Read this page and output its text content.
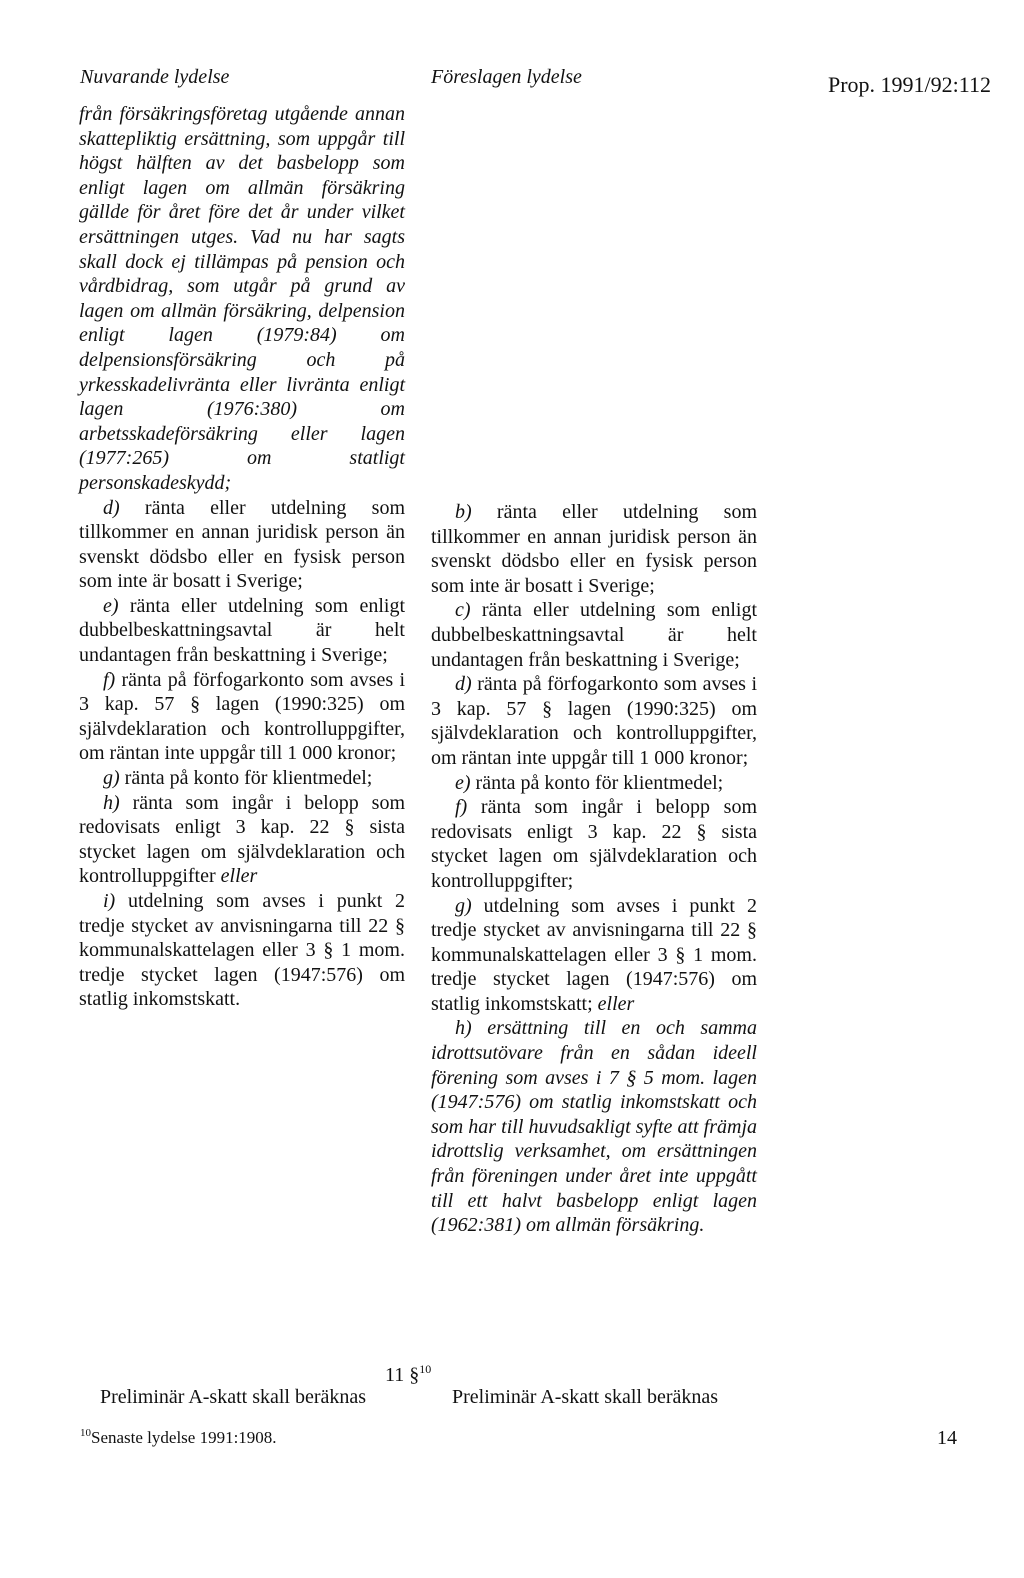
Nuvarande lydelse	Föreslagen lydelse	Prop. 1991/92:112

från försäkringsföretag utgående annan skattepliktig ersättning, som uppgår till högst hälften av det basbelopp som enligt lagen om allmän försäkring gällde för året före det år under vilket ersättningen utges. Vad nu har sagts skall dock ej tillämpas på pension och vårdbidrag, som utgår på grund av lagen om allmän försäkring, delpension enligt lagen (1979:84) om delpensionsförsäkring och på yrkesskadelivränta eller livränta enligt lagen (1976:380) om arbetsskadeförsäkring eller lagen (1977:265) om statligt personskadeskydd;

d) ränta eller utdelning som tillkommer en annan juridisk person än svenskt dödsbo eller en fysisk person som inte är bosatt i Sverige;

e) ränta eller utdelning som enligt dubbelbeskattningsavtal är helt undantagen från beskattning i Sverige;

f) ränta på förfogarkonto som avses i 3 kap. 57 § lagen (1990:325) om självdeklaration och kontrolluppgifter, om räntan inte uppgår till 1 000 kronor;

g) ränta på konto för klientmedel;

h) ränta som ingår i belopp som redovisats enligt 3 kap. 22 § sista stycket lagen om självdeklaration och kontrolluppgifter eller

i) utdelning som avses i punkt 2 tredje stycket av anvisningarna till 22 § kommunalskattelagen eller 3 § 1 mom. tredje stycket lagen (1947:576) om statlig inkomstskatt.

b) ränta eller utdelning som tillkommer en annan juridisk person än svenskt dödsbo eller en fysisk person som inte är bosatt i Sverige;

c) ränta eller utdelning som enligt dubbelbeskattningsavtal är helt undantagen från beskattning i Sverige;

d) ränta på förfogarkonto som avses i 3 kap. 57 § lagen (1990:325) om självdeklaration och kontrolluppgifter, om räntan inte uppgår till 1 000 kronor;

e) ränta på konto för klientmedel;

f) ränta som ingår i belopp som redovisats enligt 3 kap. 22 § sista stycket lagen om självdeklaration och kontrolluppgifter;

g) utdelning som avses i punkt 2 tredje stycket av anvisningarna till 22 § kommunalskattelagen eller 3 § 1 mom. tredje stycket lagen (1947:576) om statlig inkomstskatt; eller

h) ersättning till en och samma idrottsutövare från en sådan ideell förening som avses i 7 § 5 mom. lagen (1947:576) om statlig inkomstskatt och som har till huvudsakligt syfte att främja idrottslig verksamhet, om ersättningen från föreningen under året inte uppgått till ett halvt basbelopp enligt lagen (1962:381) om allmän försäkring.

11 §$^{10}$
Preliminär A-skatt skall beräknas	Preliminär A-skatt skall beräknas
$^{10}$Senaste lydelse 1991:1908.	14
